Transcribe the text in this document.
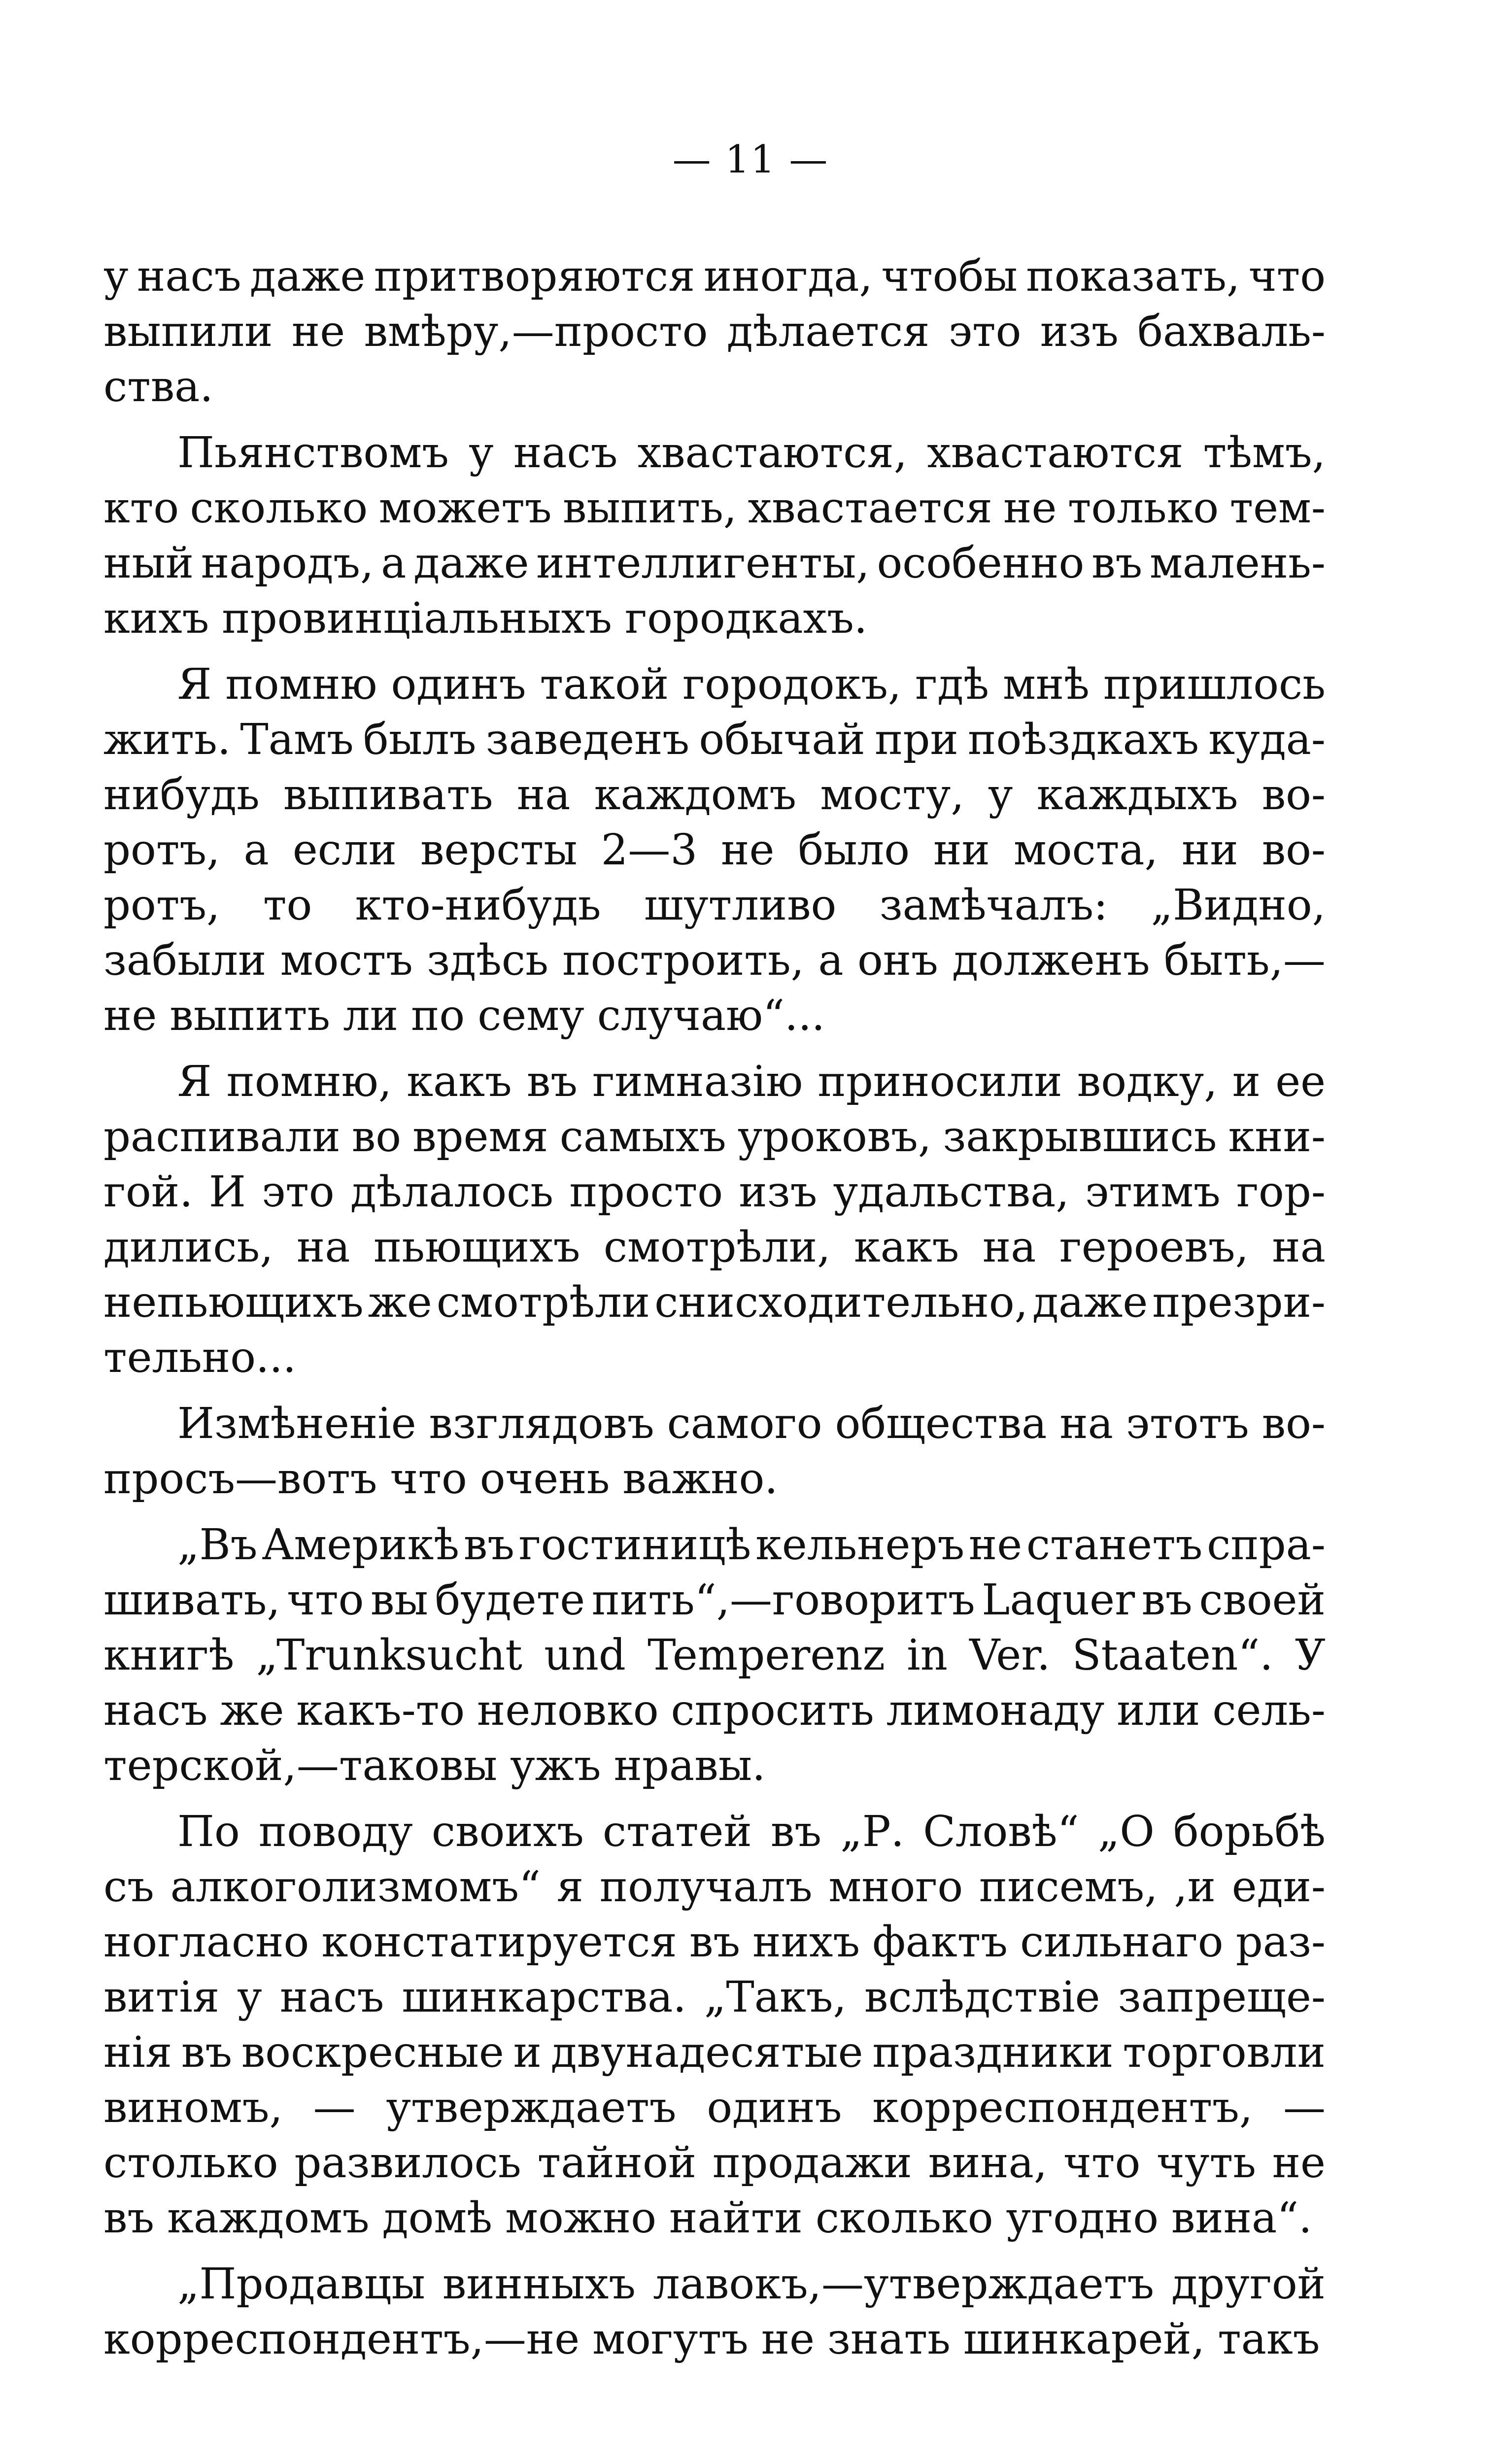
— 11 —
у насъ даже притворяются иногда, чтобы показать, что
выпили не вмѣру,—просто дѣлается это изъ бахваль-
ства.
Пьянствомъ у насъ хвастаются, хвастаются тѣмъ,
кто сколько можетъ выпить, хвастается не только тем-
ный народъ, а даже интеллигенты, особенно въ малень-
кихъ провинціальныхъ городкахъ.
Я помню одинъ такой городокъ, гдѣ мнѣ пришлось
жить. Тамъ былъ заведенъ обычай при поѣздкахъ куда-
нибудь выпивать на каждомъ мосту, у каждыхъ во-
ротъ, а если версты 2—3 не было ни моста, ни во-
ротъ, то кто-нибудь шутливо замѣчалъ: „Видно,
забыли мостъ здѣсь построить, а онъ долженъ быть,—
не выпить ли по сему случаю“...
Я помню, какъ въ гимназію приносили водку, и ее
распивали во время самыхъ уроковъ, закрывшись кни-
гой. И это дѣлалось просто изъ удальства, этимъ гор-
дились, на пьющихъ смотрѣли, какъ на героевъ, на
непьющихъ же смотрѣли снисходительно, даже презри-
тельно...
Измѣненіе взглядовъ самого общества на этотъ во-
просъ—вотъ что очень важно.
„Въ Америкѣ въ гостиницѣ кельнеръ не станетъ спра-
шивать, что вы будете пить“,—говоритъ Laquer въ своей
книгѣ „Trunksucht und Temperenz in Ver. Staaten“. У
насъ же какъ-то неловко спросить лимонаду или сель-
терской,—таковы ужъ нравы.
По поводу своихъ статей въ „Р. Словѣ“ „О борьбѣ
съ алкоголизмомъ“ я получалъ много писемъ, ,и еди-
ногласно констатируется въ нихъ фактъ сильнаго раз-
витія у насъ шинкарства. „Такъ, вслѣдствіе запреще-
нія въ воскресные и двунадесятые праздники торговли
виномъ, — утверждаетъ одинъ корреспондентъ, —
столько развилось тайной продажи вина, что чуть не
въ каждомъ домѣ можно найти сколько угодно вина“.
„Продавцы винныхъ лавокъ,—утверждаетъ другой
корреспондентъ,—не могутъ не знать шинкарей, такъ
